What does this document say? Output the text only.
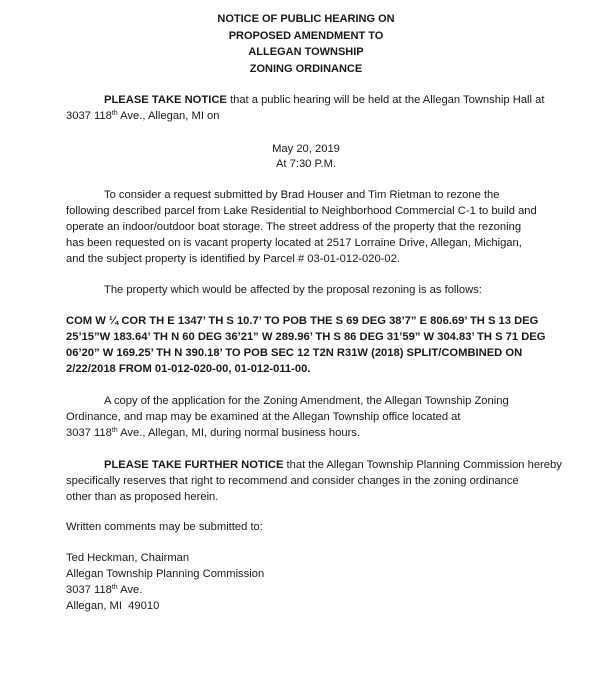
NOTICE OF PUBLIC HEARING ON
PROPOSED AMENDMENT TO
ALLEGAN TOWNSHIP
ZONING ORDINANCE
PLEASE TAKE NOTICE that a public hearing will be held at the Allegan Township Hall at
3037 118th Ave., Allegan, MI on
May 20, 2019
At 7:30 P.M.
To consider a request submitted by Brad Houser and Tim Rietman to rezone the
following described parcel from Lake Residential to Neighborhood Commercial C-1 to build and
operate an indoor/outdoor boat storage. The street address of the property that the rezoning
has been requested on is vacant property located at 2517 Lorraine Drive, Allegan, Michigan,
and the subject property is identified by Parcel # 03-01-012-020-02.
The property which would be affected by the proposal rezoning is as follows:
COM W ¼ COR TH E 1347’ TH S 10.7’ TO POB THE S 69 DEG 38’7” E 806.69’ TH S 13 DEG
25’15”W 183.64’ TH N 60 DEG 36’21” W 289.96’ TH S 86 DEG 31’59” W 304.83’ TH S 71 DEG
06’20” W 169.25’ TH N 390.18’ TO POB SEC 12 T2N R31W (2018) SPLIT/COMBINED ON
2/22/2018 FROM 01-012-020-00, 01-012-011-00.
A copy of the application for the Zoning Amendment, the Allegan Township Zoning
Ordinance, and map may be examined at the Allegan Township office located at
3037 118th Ave., Allegan, MI, during normal business hours.
PLEASE TAKE FURTHER NOTICE that the Allegan Township Planning Commission hereby
specifically reserves that right to recommend and consider changes in the zoning ordinance
other than as proposed herein.
Written comments may be submitted to:
Ted Heckman, Chairman
Allegan Township Planning Commission
3037 118th Ave.
Allegan, MI  49010
